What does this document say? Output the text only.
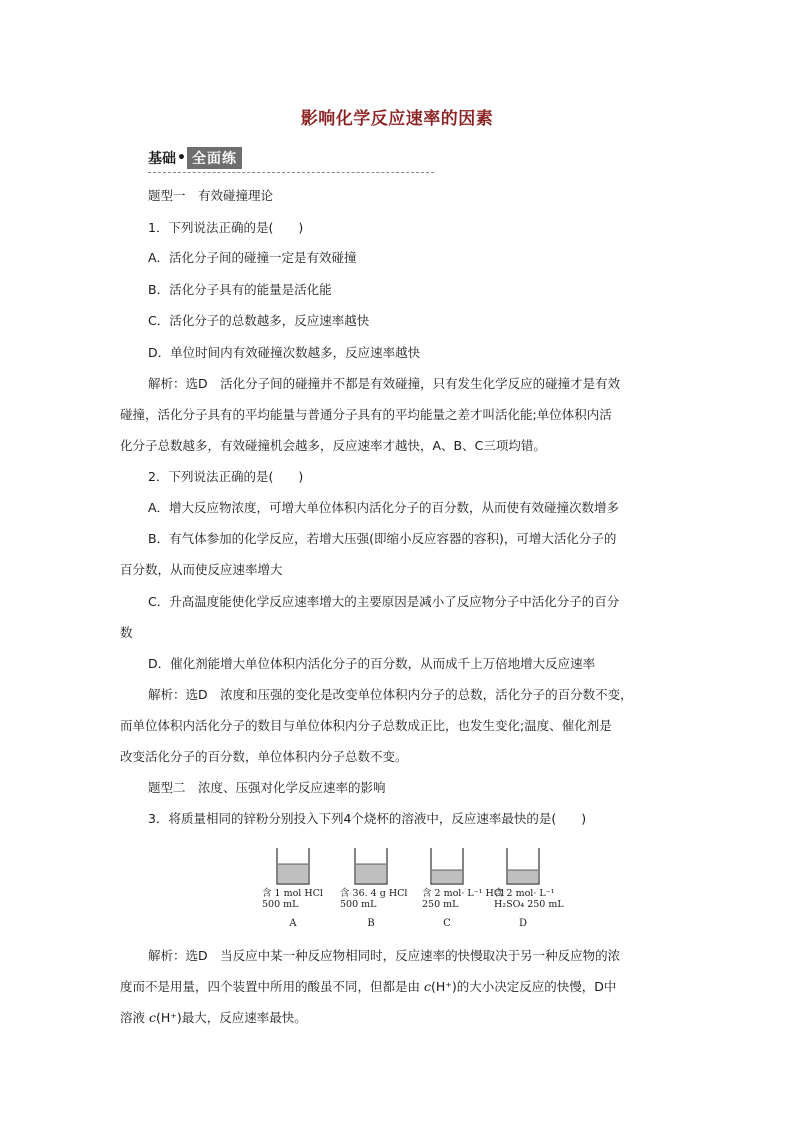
影响化学反应速率的因素
基础 • 全面练
题型一　有效碰撞理论
1．下列说法正确的是(　　)
A．活化分子间的碰撞一定是有效碰撞
B．活化分子具有的能量是活化能
C．活化分子的总数越多，反应速率越快
D．单位时间内有效碰撞次数越多，反应速率越快
解析：选D　活化分子间的碰撞并不都是有效碰撞，只有发生化学反应的碰撞才是有效
碰撞，活化分子具有的平均能量与普通分子具有的平均能量之差才叫活化能;单位体积内活
化分子总数越多，有效碰撞机会越多，反应速率才越快，A、B、C三项均错。
2．下列说法正确的是(　　)
A．增大反应物浓度，可增大单位体积内活化分子的百分数，从而使有效碰撞次数增多
B．有气体参加的化学反应，若增大压强(即缩小反应容器的容积)，可增大活化分子的
百分数，从而使反应速率增大
C．升高温度能使化学反应速率增大的主要原因是减小了反应物分子中活化分子的百分
数
D．催化剂能增大单位体积内活化分子的百分数，从而成千上万倍地增大反应速率
解析：选D　浓度和压强的变化是改变单位体积内分子的总数，活化分子的百分数不变，
而单位体积内活化分子的数目与单位体积内分子总数成正比，也发生变化;温度、催化剂是
改变活化分子的百分数，单位体积内分子总数不变。
题型二　浓度、压强对化学反应速率的影响
3．将质量相同的锌粉分别投入下列4个烧杯的溶液中，反应速率最快的是(　　)
含 1 mol HCl
500 mL
A
含 36. 4 g HCl
500 mL
B
含 2 mol· L⁻¹ HCl
250 mL
C
含 2 mol· L⁻¹
H₂SO₄ 250 mL
D
解析：选D　当反应中某一种反应物相同时，反应速率的快慢取决于另一种反应物的浓
度而不是用量，四个装置中所用的酸虽不同，但都是由 c(H⁺)的大小决定反应的快慢，D中
溶液 c(H⁺)最大，反应速率最快。
